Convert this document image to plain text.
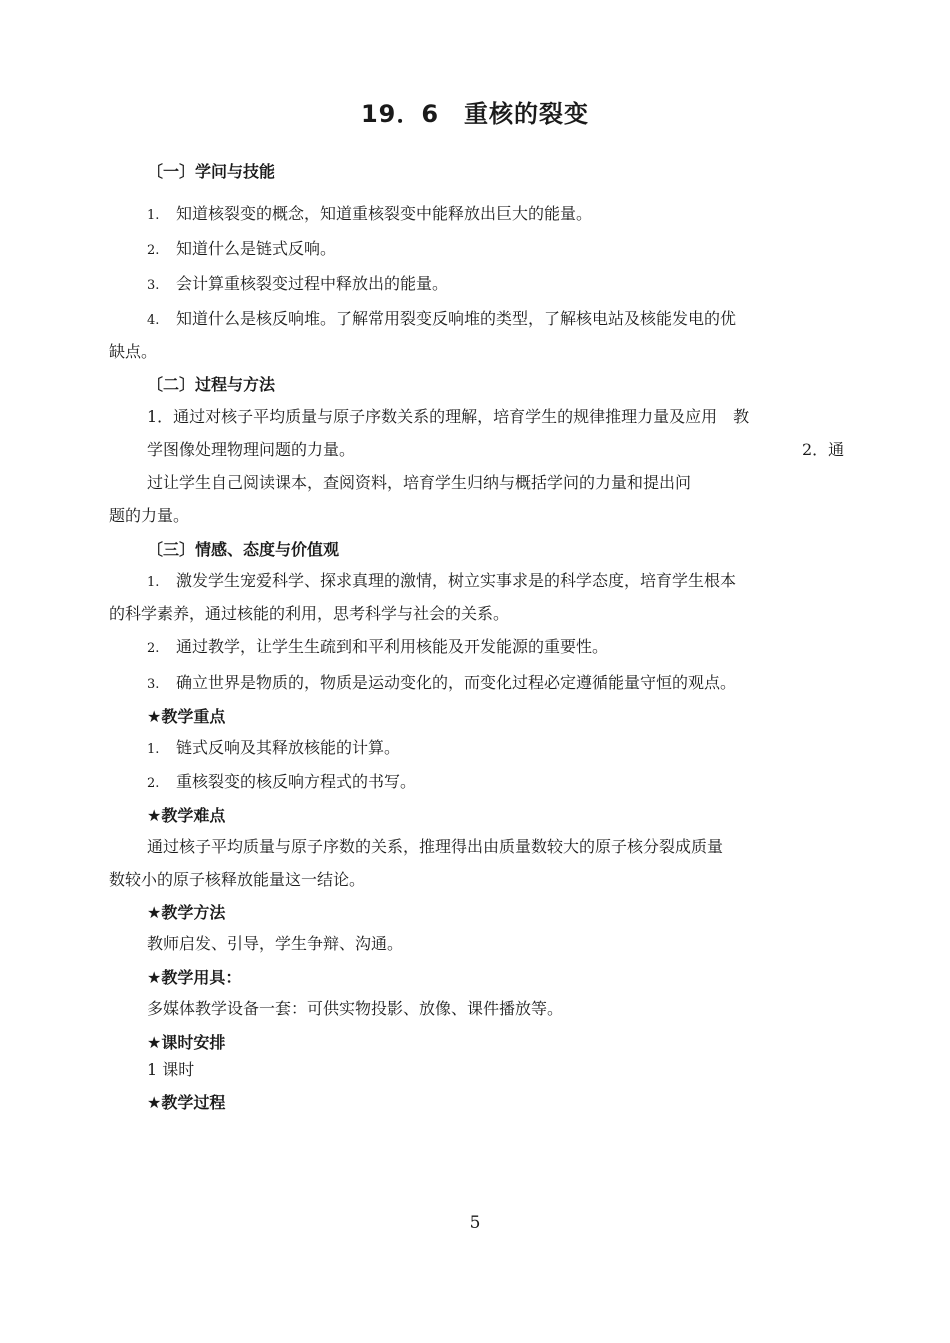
19．6　重核的裂变
〔一〕学问与技能
1. 知道核裂变的概念，知道重核裂变中能释放出巨大的能量。
2. 知道什么是链式反响。
3. 会计算重核裂变过程中释放出的能量。
4. 知道什么是核反响堆。了解常用裂变反响堆的类型，了解核电站及核能发电的优
缺点。
〔二〕过程与方法
1．通过对核子平均质量与原子序数关系的理解，培育学生的规律推理力量及应用　教
学图像处理物理问题的力量。	2．通
过让学生自己阅读课本，查阅资料，培育学生归纳与概括学问的力量和提出问
题的力量。
〔三〕情感、态度与价值观
1. 激发学生宠爱科学、探求真理的激情，树立实事求是的科学态度，培育学生根本
的科学素养，通过核能的利用，思考科学与社会的关系。
2. 通过教学，让学生生疏到和平利用核能及开发能源的重要性。
3. 确立世界是物质的，物质是运动变化的，而变化过程必定遵循能量守恒的观点。
★教学重点
1. 链式反响及其释放核能的计算。
2. 重核裂变的核反响方程式的书写。
★教学难点
通过核子平均质量与原子序数的关系，推理得出由质量数较大的原子核分裂成质量
数较小的原子核释放能量这一结论。
★教学方法
教师启发、引导，学生争辩、沟通。
★教学用具：
多媒体教学设备一套：可供实物投影、放像、课件播放等。
★课时安排
1 课时
★教学过程
5
